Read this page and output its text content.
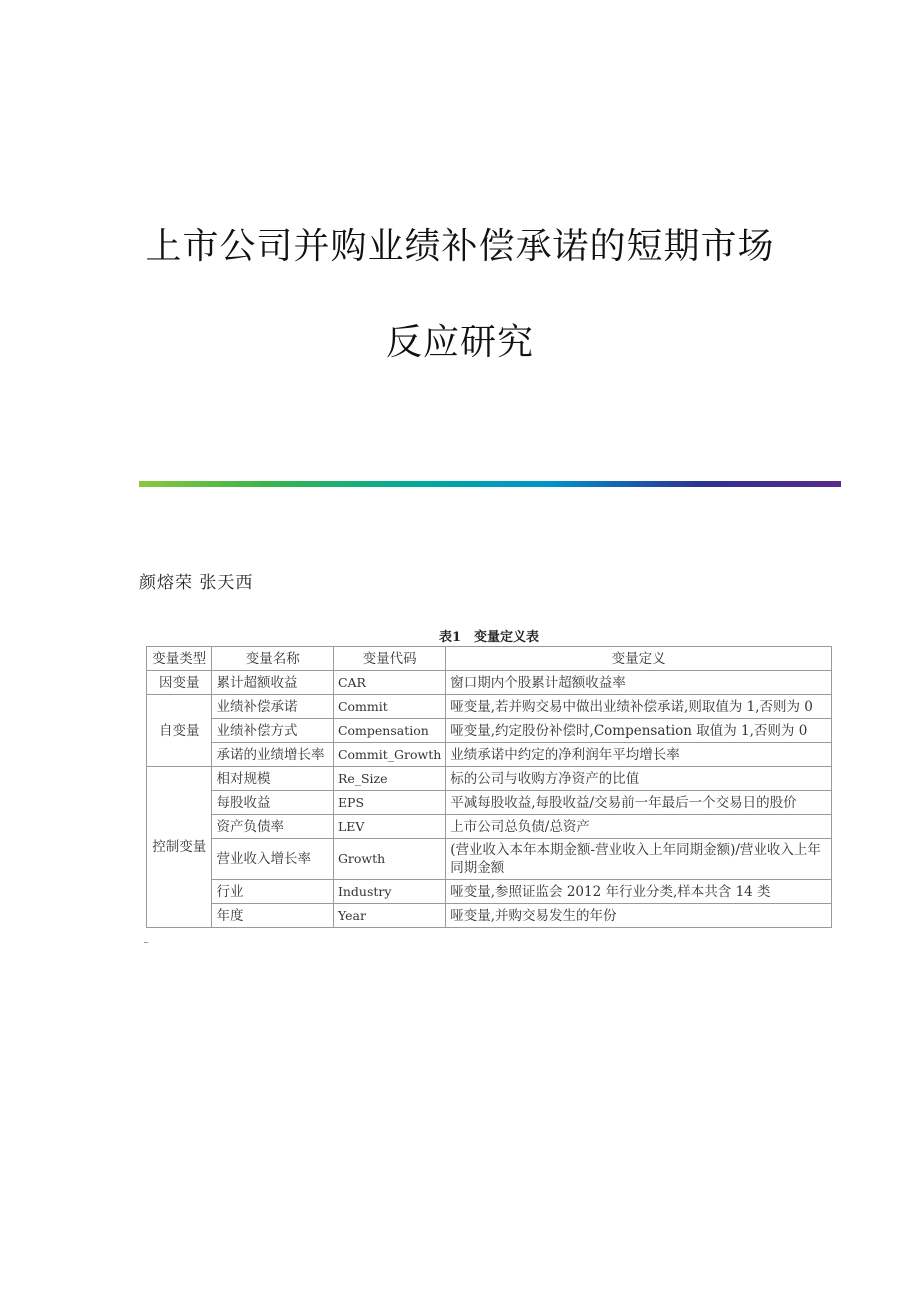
上市公司并购业绩补偿承诺的短期市场
反应研究
颜熔荣 张天西
表1　变量定义表
变量类型	变量名称	变量代码	变量定义
因变量	累计超额收益	CAR	窗口期内个股累计超额收益率
自变量	业绩补偿承诺	Commit	哑变量,若并购交易中做出业绩补偿承诺,则取值为 1,否则为 0
	业绩补偿方式	Compensation	哑变量,约定股份补偿时,Compensation 取值为 1,否则为 0
	承诺的业绩增长率	Commit_Growth	业绩承诺中约定的净利润年平均增长率
控制变量	相对规模	Re_Size	标的公司与收购方净资产的比值
	每股收益	EPS	平减每股收益,每股收益/交易前一年最后一个交易日的股价
	资产负债率	LEV	上市公司总负债/总资产
	营业收入增长率	Growth	(营业收入本年本期金额-营业收入上年同期金额)/营业收入上年同期金额
	行业	Industry	哑变量,参照证监会 2012 年行业分类,样本共含 14 类
	年度	Year	哑变量,并购交易发生的年份
